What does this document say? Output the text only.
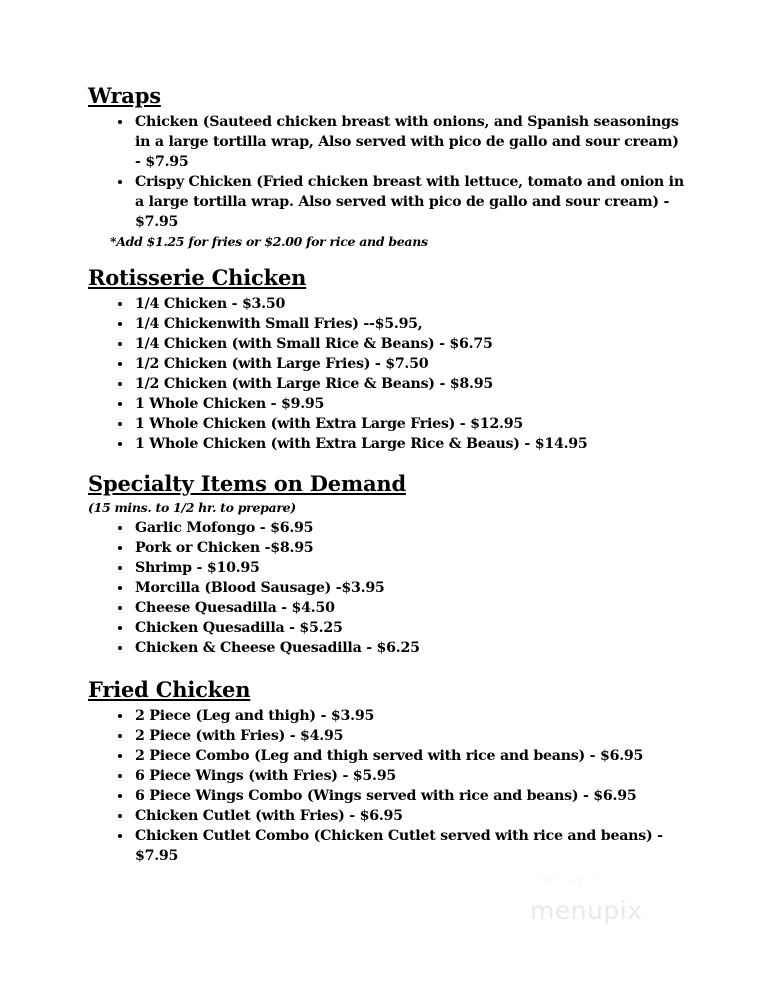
Wraps
Chicken (Sauteed chicken breast with onions, and Spanish seasonings in a large tortilla wrap, Also served with pico de gallo and sour cream) - $7.95
Crispy Chicken (Fried chicken breast with lettuce, tomato and onion in a large tortilla wrap. Also served with pico de gallo and sour cream) - $7.95
*Add $1.25 for fries or $2.00 for rice and beans
Rotisserie Chicken
1/4 Chicken - $3.50
1/4 Chickenwith Small Fries) --$5.95,
1/4 Chicken (with Small Rice & Beans) - $6.75
1/2 Chicken (with Large Fries) - $7.50
1/2 Chicken (with Large Rice & Beans) - $8.95
1 Whole Chicken - $9.95
1 Whole Chicken (with Extra Large Fries) - $12.95
1 Whole Chicken (with Extra Large Rice & Beaus) - $14.95
Specialty Items on Demand
(15 mins. to 1/2 hr. to prepare)
Garlic Mofongo - $6.95
Pork or Chicken -$8.95
Shrimp - $10.95
Morcilla (Blood Sausage) -$3.95
Cheese Quesadilla - $4.50
Chicken Quesadilla - $5.25
Chicken & Cheese Quesadilla - $6.25
Fried Chicken
2 Piece (Leg and thigh) - $3.95
2 Piece (with Fries) - $4.95
2 Piece Combo (Leg and thigh served with rice and beans) - $6.95
6 Piece Wings (with Fries) - $5.95
6 Piece Wings Combo (Wings served with rice and beans) - $6.95
Chicken Cutlet (with Fries) - $6.95
Chicken Cutlet Combo (Chicken Cutlet served with rice and beans) - $7.95
menupix
menupix
